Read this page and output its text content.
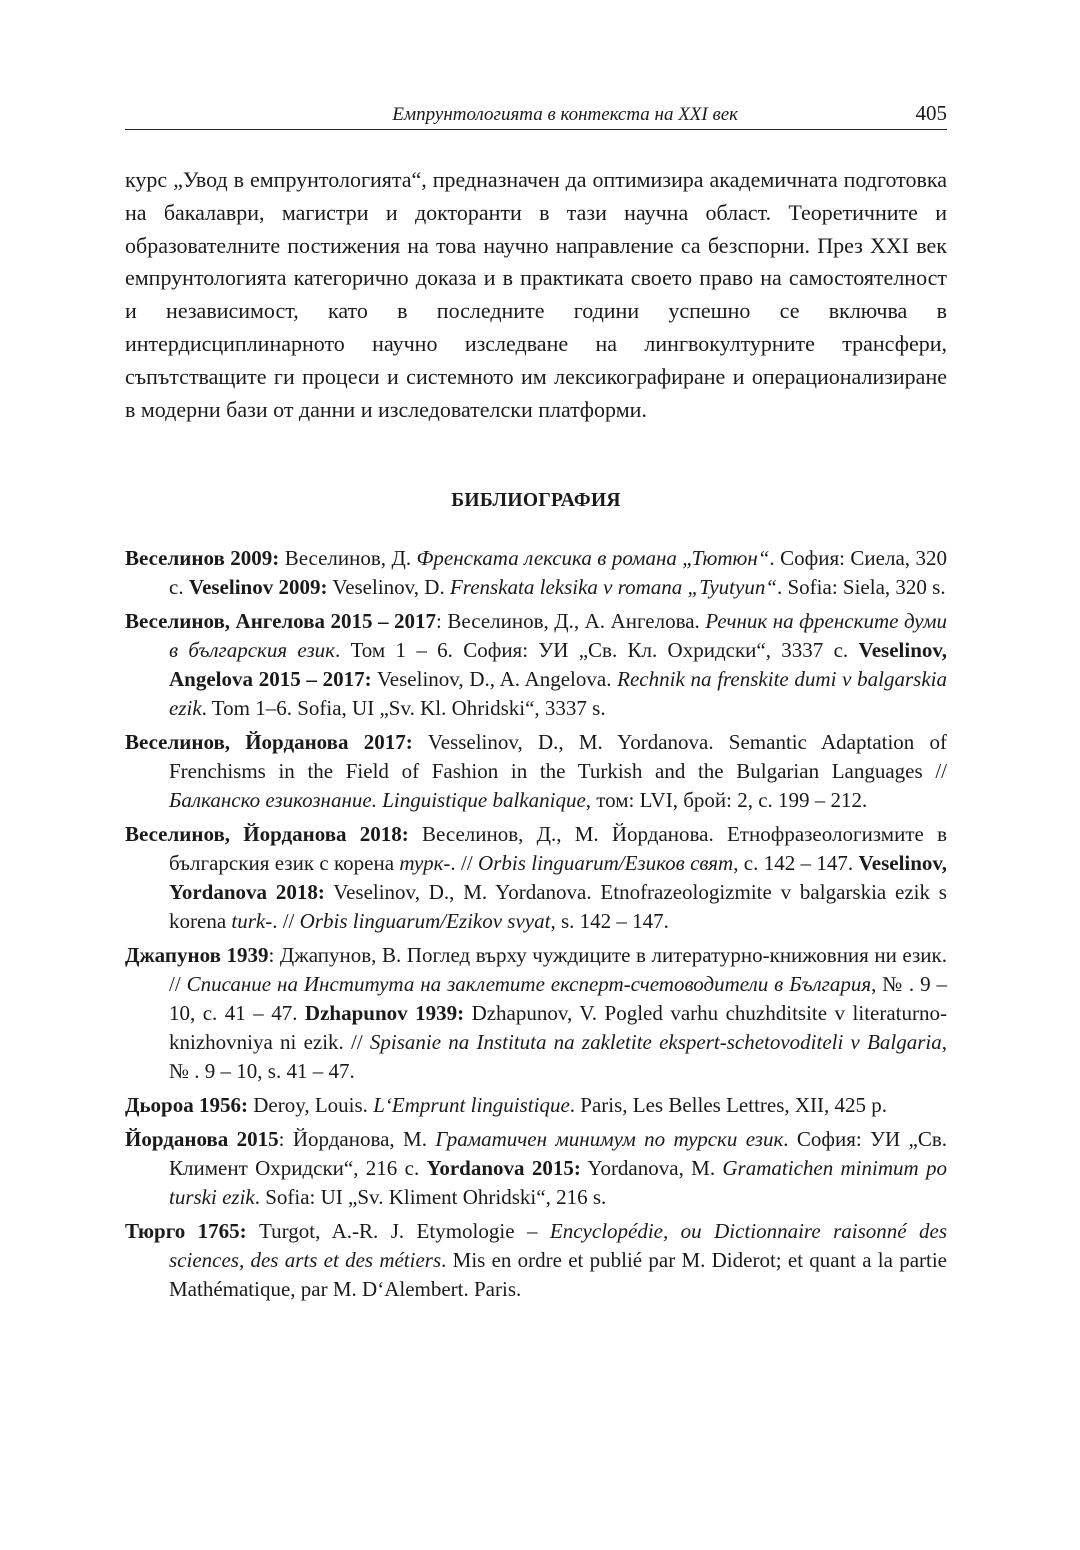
Емпрунтологията в контекста на XXI век	405

курс „Увод в емпрунтологията“, предназначен да оптимизира академичната подготовка на бакалаври, магистри и докторанти в тази научна област. Теоретичните и образователните постижения на това научно направление са безспорни. През XXI век емпрунтологията категорично доказа и в практиката своето право на самостоятелност и независимост, като в последните години успешно се включва в интердисциплинарното научно изследване на лингвокултурните трансфери, съпътстващите ги процеси и системното им лексикографиране и операционализиране в модерни бази от данни и изследователски платформи.

БИБЛИОГРАФИЯ
Веселинов 2009: Веселинов, Д. Френската лексика в романа „Тютюн“. София: Сиела, 320 с. Veselinov 2009: Veselinov, D. Frenskata leksika v romana „Tyutyun“. Sofia: Siela, 320 s.
Веселинов, Ангелова 2015 – 2017: Веселинов, Д., А. Ангелова. Речник на френските думи в българския език. Том 1 – 6. София: УИ „Св. Кл. Охридски“, 3337 с. Veselinov, Angelova 2015 – 2017: Veselinov, D., A. Angelova. Rechnik na frenskite dumi v balgarskia ezik. Tom 1–6. Sofia, UI „Sv. Kl. Ohridski“, 3337 s.
Веселинов, Йорданова 2017: Vesselinov, D., M. Yordanova. Semantic Adaptation of Frenchisms in the Field of Fashion in the Turkish and the Bulgarian Languages // Балканско езикознание. Linguistique balkanique, том: LVI, брой: 2, с. 199 – 212.
Веселинов, Йорданова 2018: Веселинов, Д., М. Йорданова. Етнофразеологизмите в българския език с корена турк-. // Orbis linguarum/Езиков свят, с. 142 – 147. Veselinov, Yordanova 2018: Veselinov, D., M. Yordanova. Etnofrazeologizmite v balgarskia ezik s korena turk-. // Orbis linguarum/Ezikov svyat, s. 142 – 147.
Джапунов 1939: Джапунов, В. Поглед върху чуждиците в литературно-книжовния ни език. // Списание на Института на заклетите експерт-счетоводители в България, № . 9 – 10, с. 41 – 47. Dzhapunov 1939: Dzhapunov, V. Pogled varhu chuzhditsite v literaturno-knizhovniya ni ezik. // Spisanie na Instituta na zakletite ekspert-schetovoditeli v Balgaria, № . 9 – 10, s. 41 – 47.
Дьороа 1956: Deroy, Louis. L‘Emprunt linguistique. Paris, Les Belles Lettres, XII, 425 p.
Йорданова 2015: Йорданова, М. Граматичен минимум по турски език. София: УИ „Св. Климент Охридски“, 216 с. Yordanova 2015: Yordanova, M. Gramatichen minimum po turski ezik. Sofia: UI „Sv. Kliment Ohridski“, 216 s.
Тюрго 1765: Turgot, A.-R. J. Etymologie – Encyclopédie, ou Dictionnaire raisonné des sciences, des arts et des métiers. Mis en ordre et publié par M. Diderot; et quant a la partie Mathématique, par M. D‘Alembert. Paris.
